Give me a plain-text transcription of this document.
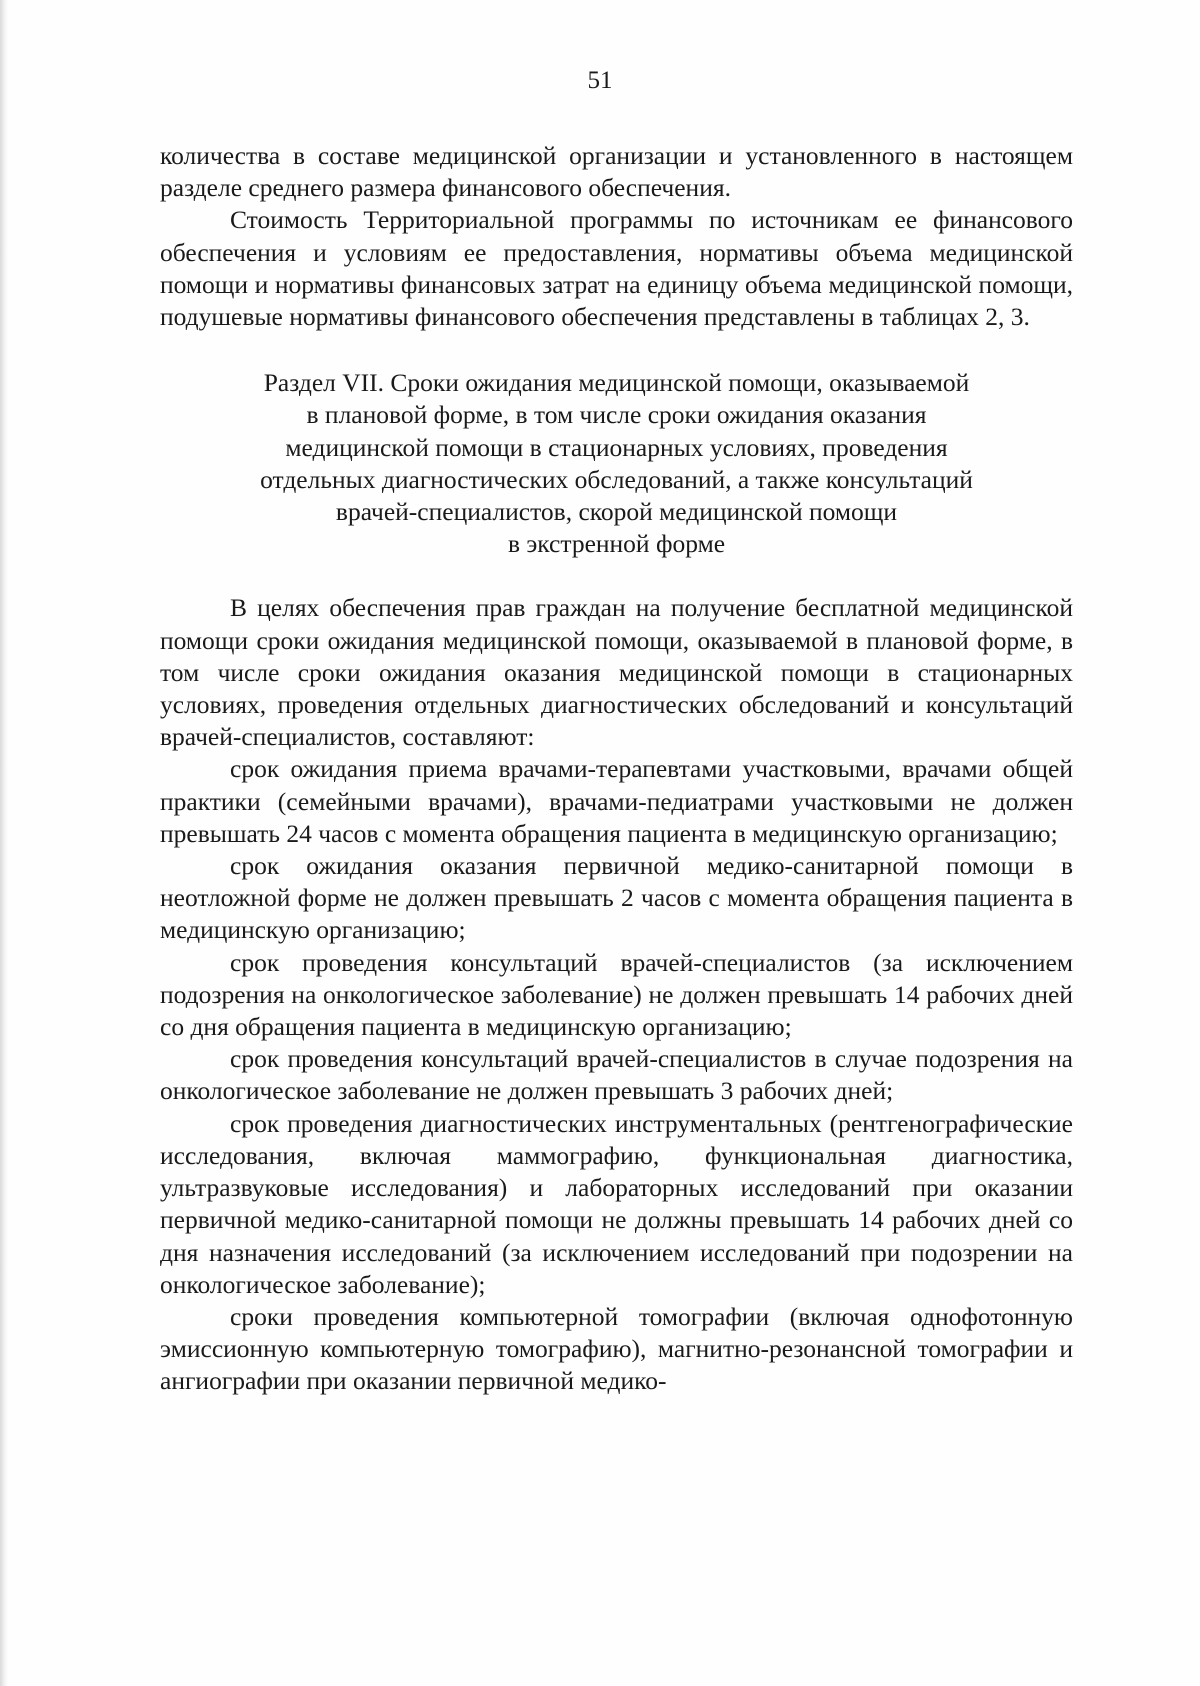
51

количества в составе медицинской организации и установленного в настоящем разделе среднего размера финансового обеспечения.

Стоимость Территориальной программы по источникам ее финансового обеспечения и условиям ее предоставления, нормативы объема медицинской помощи и нормативы финансовых затрат на единицу объема медицинской помощи, подушевые нормативы финансового обеспечения представлены в таблицах 2, 3.

Раздел VII. Сроки ожидания медицинской помощи, оказываемой
в плановой форме, в том числе сроки ожидания оказания
медицинской помощи в стационарных условиях, проведения
отдельных диагностических обследований, а также консультаций
врачей-специалистов, скорой медицинской помощи
в экстренной форме

В целях обеспечения прав граждан на получение бесплатной медицинской помощи сроки ожидания медицинской помощи, оказываемой в плановой форме, в том числе сроки ожидания оказания медицинской помощи в стационарных условиях, проведения отдельных диагностических обследований и консультаций врачей-специалистов, составляют:

срок ожидания приема врачами-терапевтами участковыми, врачами общей практики (семейными врачами), врачами-педиатрами участковыми не должен превышать 24 часов с момента обращения пациента в медицинскую организацию;

срок ожидания оказания первичной медико-санитарной помощи в неотложной форме не должен превышать 2 часов с момента обращения пациента в медицинскую организацию;

срок проведения консультаций врачей-специалистов (за исключением подозрения на онкологическое заболевание) не должен превышать 14 рабочих дней со дня обращения пациента в медицинскую организацию;

срок проведения консультаций врачей-специалистов в случае подозрения на онкологическое заболевание не должен превышать 3 рабочих дней;

срок проведения диагностических инструментальных (рентгенографические исследования, включая маммографию, функциональная диагностика, ультразвуковые исследования) и лабораторных исследований при оказании первичной медико-санитарной помощи не должны превышать 14 рабочих дней со дня назначения исследований (за исключением исследований при подозрении на онкологическое заболевание);

сроки проведения компьютерной томографии (включая однофотонную эмиссионную компьютерную томографию), магнитно-резонансной томографии и ангиографии при оказании первичной медико-
